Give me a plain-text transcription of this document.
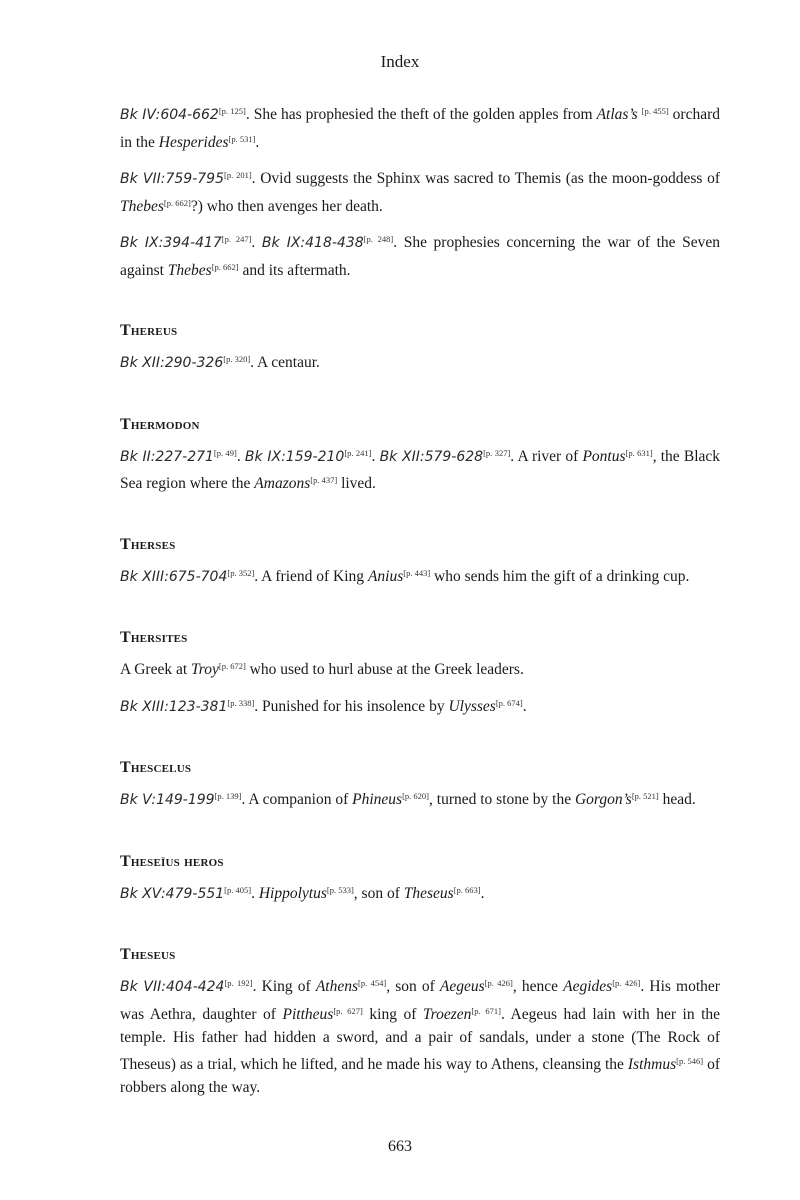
Index

Bk IV:604-662[p. 125]. She has prophesied the theft of the golden apples from Atlas’s [p. 455] orchard in the Hesperides[p. 531].

Bk VII:759-795[p. 201]. Ovid suggests the Sphinx was sacred to Themis (as the moon-goddess of Thebes[p. 662]?) who then avenges her death.

Bk IX:394-417[p. 247]. Bk IX:418-438[p. 248]. She prophesies concerning the war of the Seven against Thebes[p. 662] and its aftermath.

Thereus

Bk XII:290-326[p. 320]. A centaur.

Thermodon

Bk II:227-271[p. 49]. Bk IX:159-210[p. 241]. Bk XII:579-628[p. 327]. A river of Pontus[p. 631], the Black Sea region where the Amazons[p. 437] lived.

Therses

Bk XIII:675-704[p. 352]. A friend of King Anius[p. 443] who sends him the gift of a drinking cup.

Thersites

A Greek at Troy[p. 672] who used to hurl abuse at the Greek leaders.

Bk XIII:123-381[p. 338]. Punished for his insolence by Ulysses[p. 674].

Thescelus

Bk V:149-199[p. 139]. A companion of Phineus[p. 620], turned to stone by the Gorgon’s[p. 521] head.

Theseïus heros

Bk XV:479-551[p. 405]. Hippolytus[p. 533], son of Theseus[p. 663].

Theseus

Bk VII:404-424[p. 192]. King of Athens[p. 454], son of Aegeus[p. 426], hence Aegides[p. 426]. His mother was Aethra, daughter of Pittheus[p. 627] king of Troezen[p. 671]. Aegeus had lain with her in the temple. His father had hidden a sword, and a pair of sandals, under a stone (The Rock of Theseus) as a trial, which he lifted, and he made his way to Athens, cleansing the Isthmus[p. 546] of robbers along the way.

663
